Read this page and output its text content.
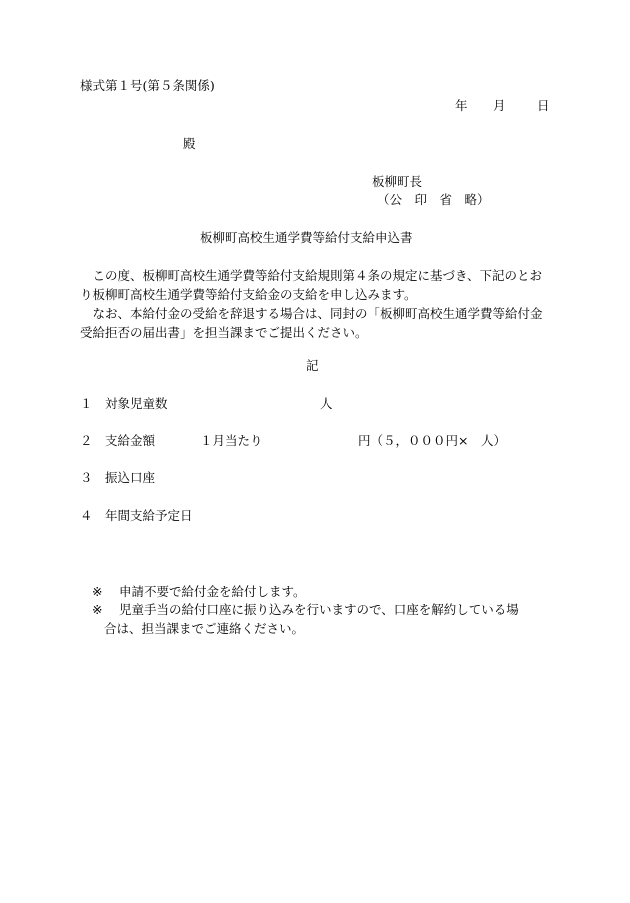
様式第１号(第５条関係)
年 月	日
殿
板柳町長
（公　印　省　略）
板柳町高校生通学費等給付支給申込書
　この度、板柳町高校生通学費等給付支給規則第４条の規定に基づき、下記のとおり板柳町高校生通学費等給付支給金の支給を申し込みます。
　なお、本給付金の受給を辞退する場合は、同封の「板柳町高校生通学費等給付金受給拒否の届出書」を担当課までご提出ください。
記
１ 対象児童数	人
２ 支給金額	１月当たり	円（５，０００円×　人）
３ 振込口座
４ 年間支給予定日
※	申請不要で給付金を給付します。
※	児童手当の給付口座に振り込みを行いますので、口座を解約している場
合は、担当課までご連絡ください。
